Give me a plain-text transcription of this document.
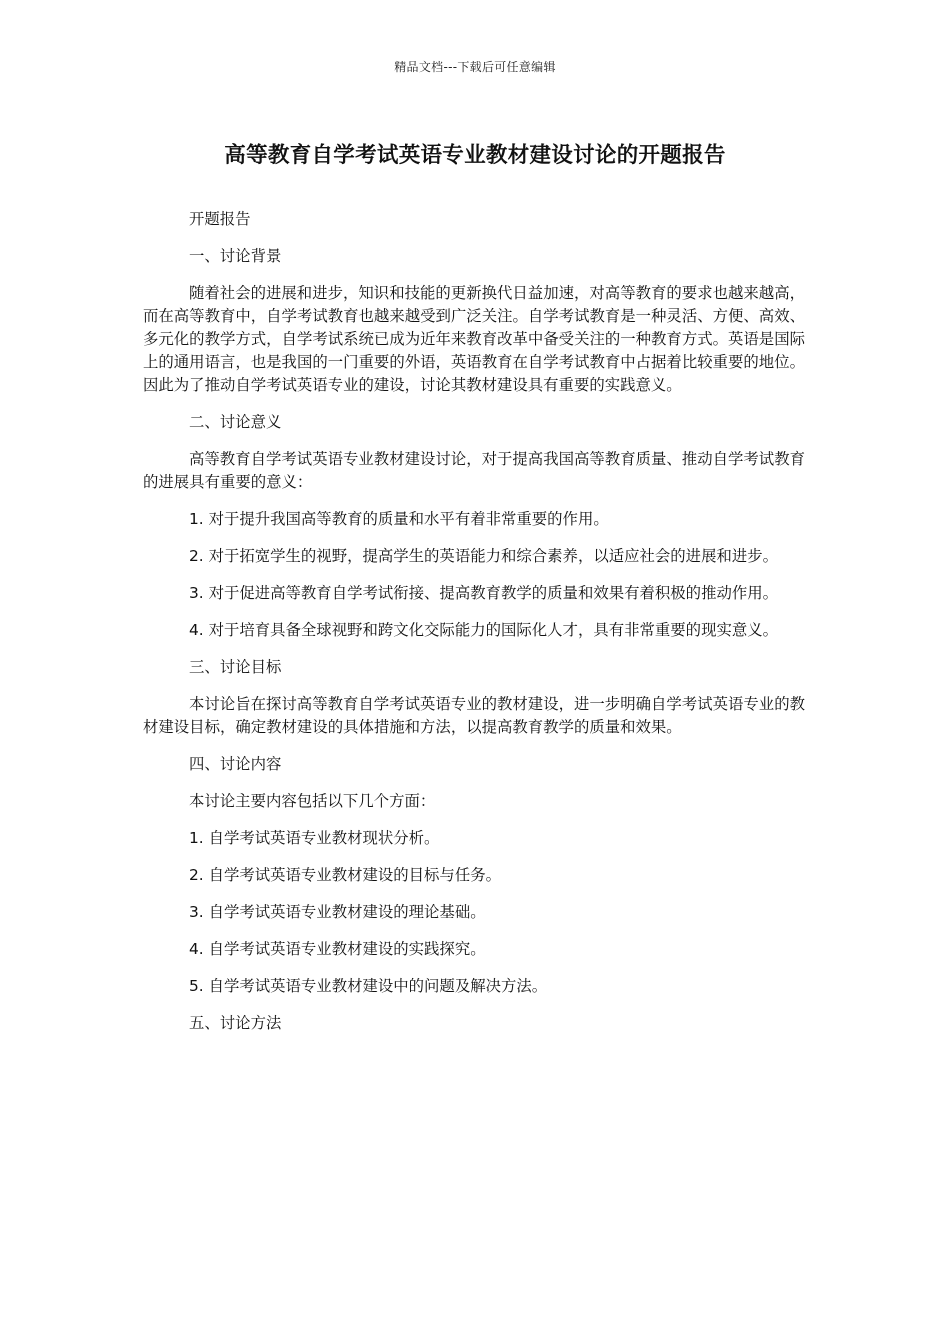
精品文档---下载后可任意编辑
高等教育自学考试英语专业教材建设讨论的开题报告

开题报告

一、讨论背景

随着社会的进展和进步，知识和技能的更新换代日益加速，对高等教育的要求也越来越高，而在高等教育中，自学考试教育也越来越受到广泛关注。自学考试教育是一种灵活、方便、高效、多元化的教学方式，自学考试系统已成为近年来教育改革中备受关注的一种教育方式。英语是国际上的通用语言，也是我国的一门重要的外语，英语教育在自学考试教育中占据着比较重要的地位。因此为了推动自学考试英语专业的建设，讨论其教材建设具有重要的实践意义。

二、讨论意义

高等教育自学考试英语专业教材建设讨论，对于提高我国高等教育质量、推动自学考试教育的进展具有重要的意义：

1. 对于提升我国高等教育的质量和水平有着非常重要的作用。

2. 对于拓宽学生的视野，提高学生的英语能力和综合素养，以适应社会的进展和进步。

3. 对于促进高等教育自学考试衔接、提高教育教学的质量和效果有着积极的推动作用。

4. 对于培育具备全球视野和跨文化交际能力的国际化人才，具有非常重要的现实意义。

三、讨论目标

本讨论旨在探讨高等教育自学考试英语专业的教材建设，进一步明确自学考试英语专业的教材建设目标，确定教材建设的具体措施和方法，以提高教育教学的质量和效果。

四、讨论内容

本讨论主要内容包括以下几个方面：

1. 自学考试英语专业教材现状分析。

2. 自学考试英语专业教材建设的目标与任务。

3. 自学考试英语专业教材建设的理论基础。

4. 自学考试英语专业教材建设的实践探究。

5. 自学考试英语专业教材建设中的问题及解决方法。

五、讨论方法
